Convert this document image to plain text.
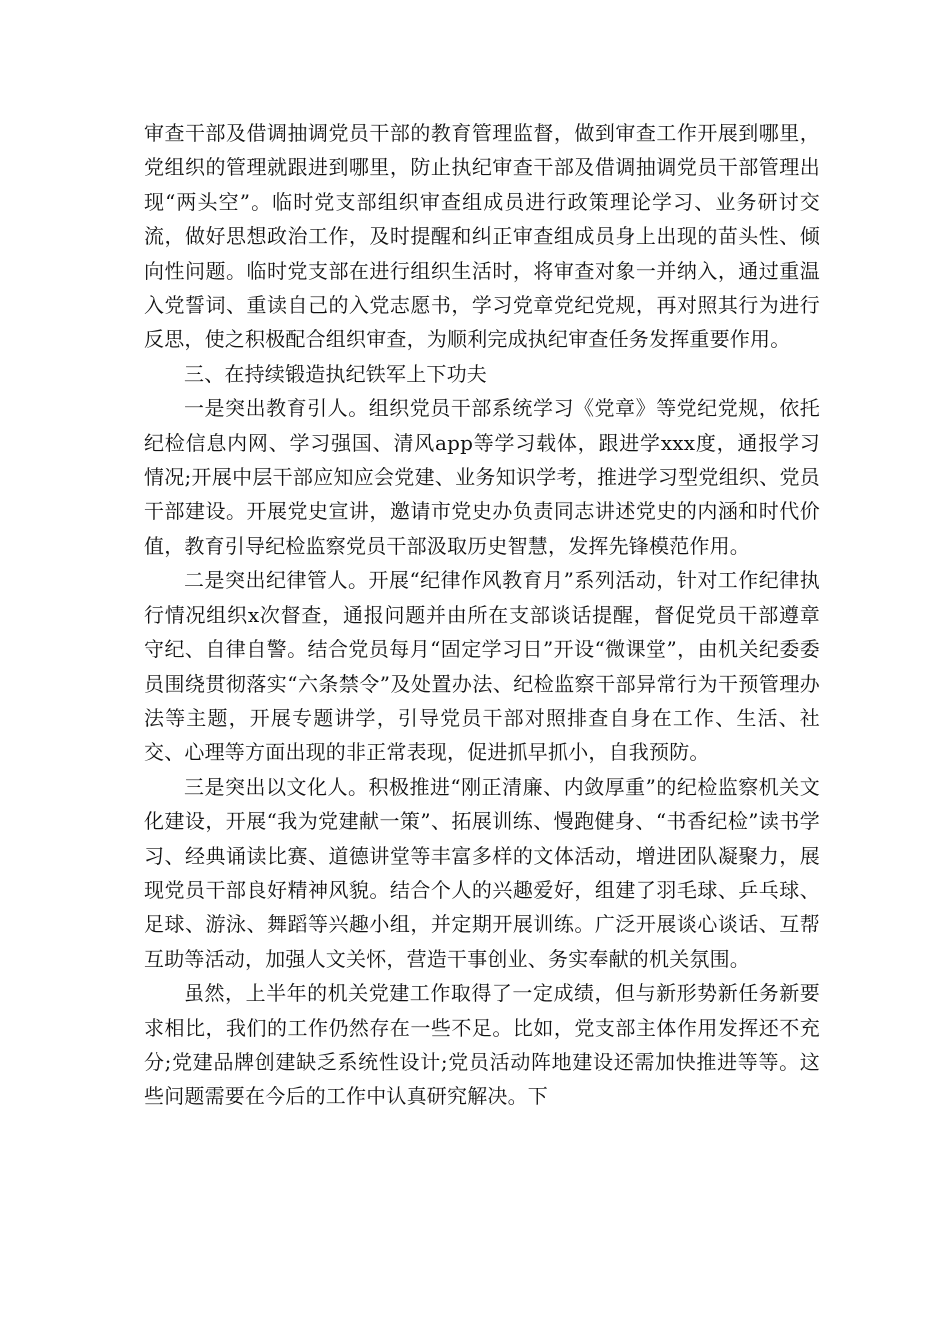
审查干部及借调抽调党员干部的教育管理监督，做到审查工作开展到哪里，党组织的管理就跟进到哪里，防止执纪审查干部及借调抽调党员干部管理出现“两头空”。临时党支部组织审查组成员进行政策理论学习、业务研讨交流，做好思想政治工作，及时提醒和纠正审查组成员身上出现的苗头性、倾向性问题。临时党支部在进行组织生活时，将审查对象一并纳入，通过重温入党誓词、重读自己的入党志愿书，学习党章党纪党规，再对照其行为进行反思，使之积极配合组织审查，为顺利完成执纪审查任务发挥重要作用。

三、在持续锻造执纪铁军上下功夫

一是突出教育引人。组织党员干部系统学习《党章》等党纪党规，依托纪检信息内网、学习强国、清风app等学习载体，跟进学xxx度，通报学习情况;开展中层干部应知应会党建、业务知识学考，推进学习型党组织、党员干部建设。开展党史宣讲，邀请市党史办负责同志讲述党史的内涵和时代价值，教育引导纪检监察党员干部汲取历史智慧，发挥先锋模范作用。

二是突出纪律管人。开展“纪律作风教育月”系列活动，针对工作纪律执行情况组织x次督查，通报问题并由所在支部谈话提醒，督促党员干部遵章守纪、自律自警。结合党员每月“固定学习日”开设“微课堂”，由机关纪委委员围绕贯彻落实“六条禁令”及处置办法、纪检监察干部异常行为干预管理办法等主题，开展专题讲学，引导党员干部对照排查自身在工作、生活、社交、心理等方面出现的非正常表现，促进抓早抓小，自我预防。

三是突出以文化人。积极推进“刚正清廉、内敛厚重”的纪检监察机关文化建设，开展“我为党建献一策”、拓展训练、慢跑健身、“书香纪检”读书学习、经典诵读比赛、道德讲堂等丰富多样的文体活动，增进团队凝聚力，展现党员干部良好精神风貌。结合个人的兴趣爱好，组建了羽毛球、乒乓球、足球、游泳、舞蹈等兴趣小组，并定期开展训练。广泛开展谈心谈话、互帮互助等活动，加强人文关怀，营造干事创业、务实奉献的机关氛围。

虽然，上半年的机关党建工作取得了一定成绩，但与新形势新任务新要求相比，我们的工作仍然存在一些不足。比如，党支部主体作用发挥还不充分;党建品牌创建缺乏系统性设计;党员活动阵地建设还需加快推进等等。这些问题需要在今后的工作中认真研究解决。下
